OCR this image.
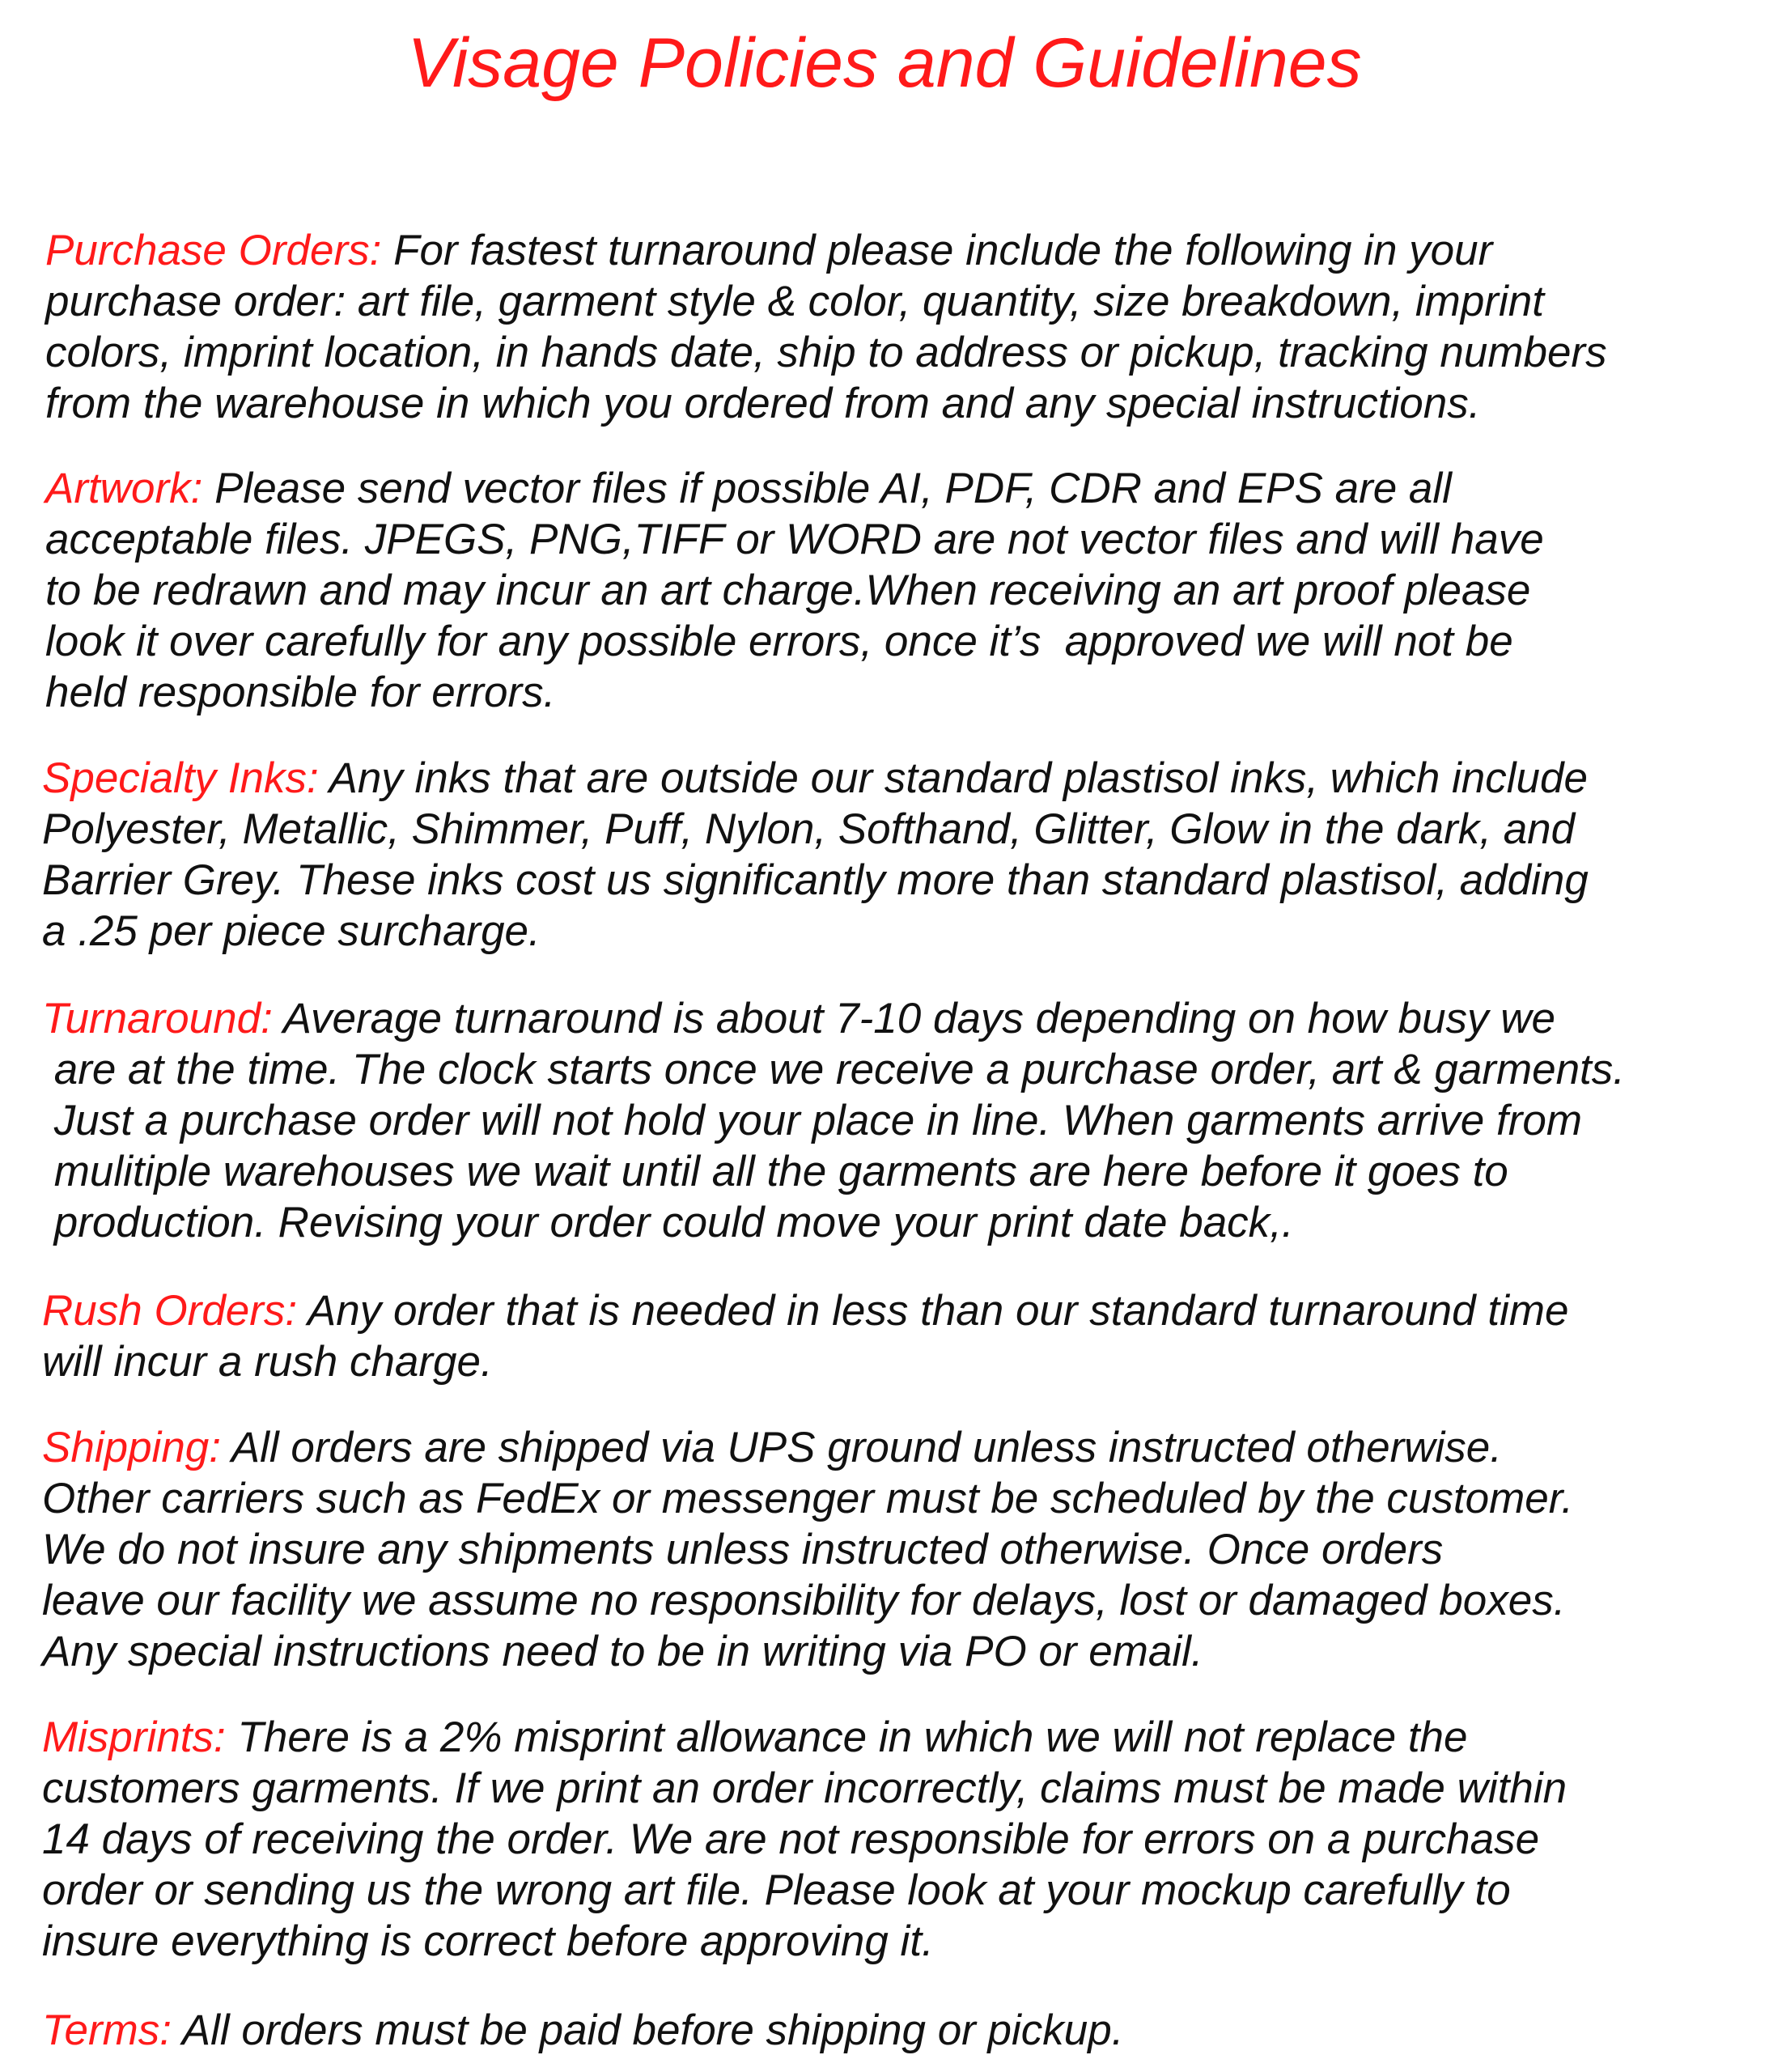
Visage Policies and Guidelines
Purchase Orders: For fastest turnaround please include the following in your
purchase order: art file, garment style & color, quantity, size breakdown, imprint
colors, imprint location, in hands date, ship to address or pickup, tracking numbers
from the warehouse in which you ordered from and any special instructions.
Artwork: Please send vector files if possible AI, PDF, CDR and EPS are all
acceptable files. JPEGS, PNG,TIFF or WORD are not vector files and will have
to be redrawn and may incur an art charge.When receiving an art proof please
look it over carefully for any possible errors, once it’s  approved we will not be
held responsible for errors.
Specialty Inks: Any inks that are outside our standard plastisol inks, which include
Polyester, Metallic, Shimmer, Puff, Nylon, Softhand, Glitter, Glow in the dark, and
Barrier Grey. These inks cost us significantly more than standard plastisol, adding
a .25 per piece surcharge.
Turnaround: Average turnaround is about 7-10 days depending on how busy we
are at the time. The clock starts once we receive a purchase order, art & garments.
Just a purchase order will not hold your place in line. When garments arrive from
mulitiple warehouses we wait until all the garments are here before it goes to
production. Revising your order could move your print date back,.
Rush Orders: Any order that is needed in less than our standard turnaround time
will incur a rush charge.
Shipping: All orders are shipped via UPS ground unless instructed otherwise.
Other carriers such as FedEx or messenger must be scheduled by the customer.
We do not insure any shipments unless instructed otherwise. Once orders
leave our facility we assume no responsibility for delays, lost or damaged boxes.
Any special instructions need to be in writing via PO or email.
Misprints: There is a 2% misprint allowance in which we will not replace the
customers garments. If we print an order incorrectly, claims must be made within
14 days of receiving the order. We are not responsible for errors on a purchase
order or sending us the wrong art file. Please look at your mockup carefully to
insure everything is correct before approving it.
Terms: All orders must be paid before shipping or pickup.
